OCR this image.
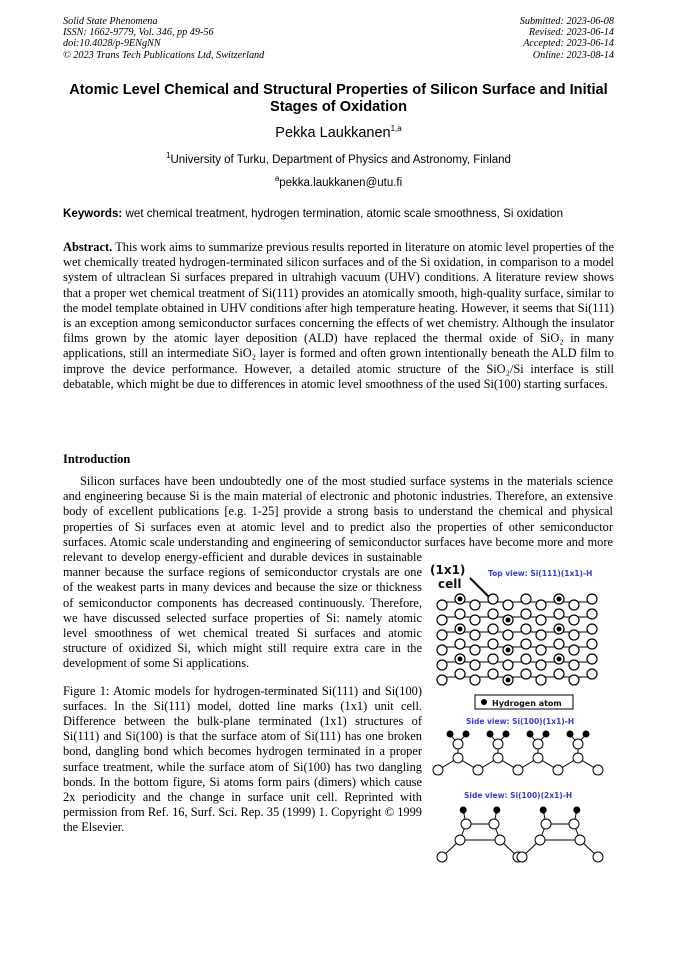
Solid State Phenomena
ISSN: 1662-9779, Vol. 346, pp 49-56
doi:10.4028/p-9ENgNN
© 2023 Trans Tech Publications Ltd, Switzerland
Submitted: 2023-06-08
Revised: 2023-06-14
Accepted: 2023-06-14
Online: 2023-08-14
Atomic Level Chemical and Structural Properties of Silicon Surface and Initial Stages of Oxidation
Pekka Laukkanen$^{1,a}$
$^1$University of Turku, Department of Physics and Astronomy, Finland
$^a$pekka.laukkanen@utu.fi
Keywords: wet chemical treatment, hydrogen termination, atomic scale smoothness, Si oxidation
Abstract. This work aims to summarize previous results reported in literature on atomic level properties of the wet chemically treated hydrogen-terminated silicon surfaces and of the Si oxidation, in comparison to a model system of ultraclean Si surfaces prepared in ultrahigh vacuum (UHV) conditions. A literature review shows that a proper wet chemical treatment of Si(111) provides an atomically smooth, high-quality surface, similar to the model template obtained in UHV conditions after high temperature heating. However, it seems that Si(111) is an exception among semiconductor surfaces concerning the effects of wet chemistry. Although the insulator films grown by the atomic layer deposition (ALD) have replaced the thermal oxide of SiO₂ in many applications, still an intermediate SiO₂ layer is formed and often grown intentionally beneath the ALD film to improve the device performance. However, a detailed atomic structure of the SiO₂/Si interface is still debatable, which might be due to differences in atomic level smoothness of the used Si(100) starting surfaces.
Introduction
(1x1)
cell
Top view: Si(111)(1x1)-H
Hydrogen atom
Side view: Si(100)(1x1)-H
Side view: Si(100)(2x1)-H

Silicon surfaces have been undoubtedly one of the most studied surface systems in the materials science and engineering because Si is the main material of electronic and photonic industries. Therefore, an extensive body of excellent publications [e.g. 1-25] provide a strong basis to understand the chemical and physical properties of Si surfaces even at atomic level and to predict also the properties of other semiconductor surfaces. Atomic scale understanding and engineering of semiconductor surfaces have become more and more relevant to develop energy-efficient and durable devices in sustainable manner because the surface regions of semiconductor crystals are one of the weakest parts in many devices and because the size or thickness of semiconductor components has decreased continuously. Therefore, we have discussed selected surface properties of Si: namely atomic level smoothness of wet chemical treated Si surfaces and atomic structure of oxidized Si, which might still require extra care in the development of some Si applications.

Figure 1: Atomic models for hydrogen-terminated Si(111) and Si(100) surfaces. In the Si(111) model, dotted line marks (1x1) unit cell. Difference between the bulk-plane terminated (1x1) structures of Si(111) and Si(100) is that the surface atom of Si(111) has one broken bond, dangling bond which becomes hydrogen terminated in a proper surface treatment, while the surface atom of Si(100) has two dangling bonds. In the bottom figure, Si atoms form pairs (dimers) which cause 2x periodicity and the change in surface unit cell. Reprinted with permission from Ref. 16, Surf. Sci. Rep. 35 (1999) 1. Copyright © 1999 the Elsevier.
